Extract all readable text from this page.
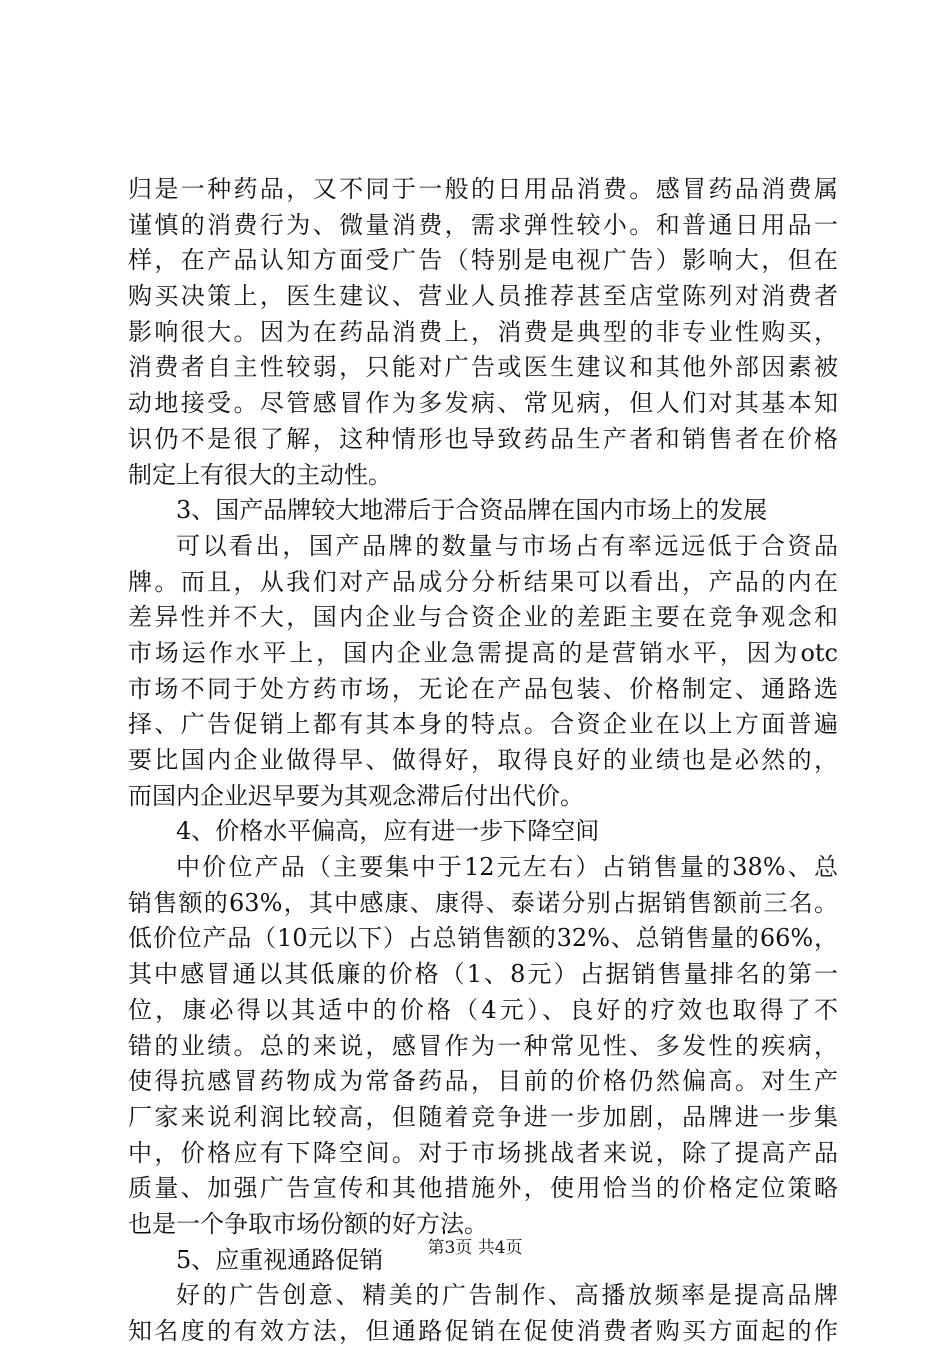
归是一种药品，又不同于一般的日用品消费。感冒药品消费属
谨慎的消费行为、微量消费，需求弹性较小。和普通日用品一
样，在产品认知方面受广告（特别是电视广告）影响大，但在
购买决策上，医生建议、营业人员推荐甚至店堂陈列对消费者
影响很大。因为在药品消费上，消费是典型的非专业性购买，
消费者自主性较弱，只能对广告或医生建议和其他外部因素被
动地接受。尽管感冒作为多发病、常见病，但人们对其基本知
识仍不是很了解，这种情形也导致药品生产者和销售者在价格
制定上有很大的主动性。
3、国产品牌较大地滞后于合资品牌在国内市场上的发展
可以看出，国产品牌的数量与市场占有率远远低于合资品
牌。而且，从我们对产品成分分析结果可以看出，产品的内在
差异性并不大，国内企业与合资企业的差距主要在竞争观念和
市场运作水平上，国内企业急需提高的是营销水平，因为otc
市场不同于处方药市场，无论在产品包装、价格制定、通路选
择、广告促销上都有其本身的特点。合资企业在以上方面普遍
要比国内企业做得早、做得好，取得良好的业绩也是必然的，
而国内企业迟早要为其观念滞后付出代价。
4、价格水平偏高，应有进一步下降空间
中价位产品（主要集中于12元左右）占销售量的38%、总
销售额的63%，其中感康、康得、泰诺分别占据销售额前三名。
低价位产品（10元以下）占总销售额的32%、总销售量的66%，
其中感冒通以其低廉的价格（1、8元）占据销售量排名的第一
位，康必得以其适中的价格（4元）、良好的疗效也取得了不
错的业绩。总的来说，感冒作为一种常见性、多发性的疾病，
使得抗感冒药物成为常备药品，目前的价格仍然偏高。对生产
厂家来说利润比较高，但随着竞争进一步加剧，品牌进一步集
中，价格应有下降空间。对于市场挑战者来说，除了提高产品
质量、加强广告宣传和其他措施外，使用恰当的价格定位策略
也是一个争取市场份额的好方法。
5、应重视通路促销
好的广告创意、精美的广告制作、高播放频率是提高品牌
知名度的有效方法，但通路促销在促使消费者购买方面起的作
第3页 共4页
